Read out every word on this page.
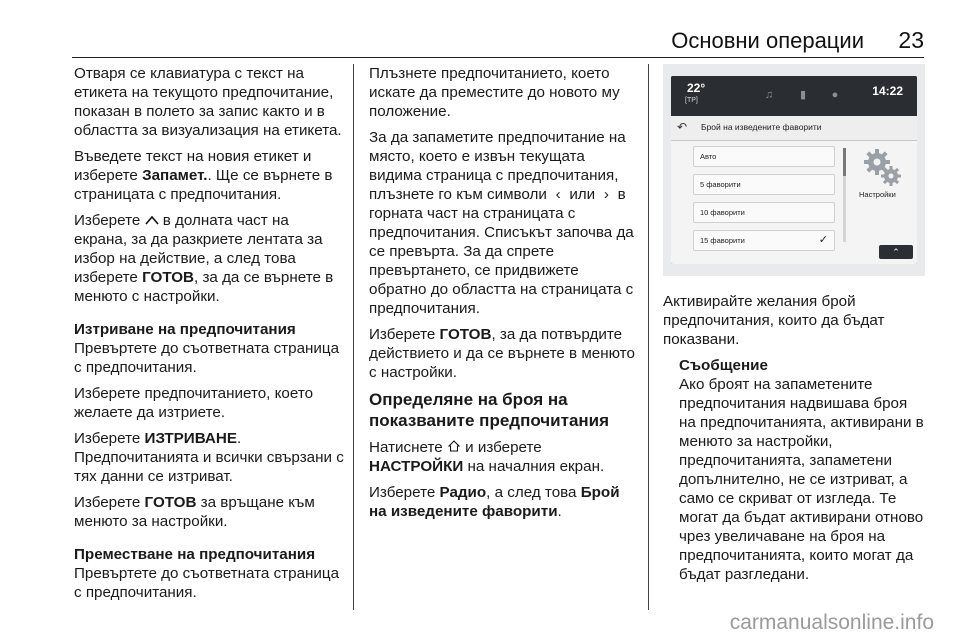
Основни операции 23

Отваря се клавиатура с текст на етикета на текущото предпочитание, показан в полето за запис както и в областта за визуализация на етикета.

Въведете текст на новия етикет и изберете Запамет.. Ще се върнете в страницата с предпочитания.

Изберете  в долната част на екрана, за да разкриете лентата за избор на действие, а след това изберете ГОТОВ, за да се върнете в менюто с настройки.

Изтриване на предпочитания

Превъртете до съответната страница с предпочитания.

Изберете предпочитанието, което желаете да изтриете.

Изберете ИЗТРИВАНЕ.
Предпочитанията и всички свързани с тях данни се изтриват.

Изберете ГОТОВ за връщане към менюто за настройки.

Преместване на предпочитания

Превъртете до съответната страница с предпочитания.

Плъзнете предпочитанието, което искате да преместите до новото му положение.

За да запаметите предпочитание на място, което е извън текущата видима страница с предпочитания, плъзнете го към символи ‹ или › в горната част на страницата с предпочитания. Списъкът започва да се превърта. За да спрете превъртането, се придвижете обратно до областта на страницата с предпочитания.

Изберете ГОТОВ, за да потвърдите действието и да се върнете в менюто с настройки.

Определяне на броя на показваните предпочитания

Натиснете  и изберете НАСТРОЙКИ на началния екран.

Изберете Радио, а след това Брой на изведените фаворити.

22°
[TP]	♫ ▮ ●	14:22
↶ Брой на изведените фаворити
Авто
5 фаворити
10 фаворити
15 фаворити	✓
Настройки
⌃

Активирайте желания брой предпочитания, които да бъдат показвани.

Съобщение

Ако броят на запаметените предпочитания надвишава броя на предпочитанията, активирани в менюто за настройки, предпочитанията, запаметени допълнително, не се изтриват, а само се скриват от изгледа. Те могат да бъдат активирани отново чрез увеличаване на броя на предпочитанията, които могат да бъдат разгледани.

carmanualsonline.info
